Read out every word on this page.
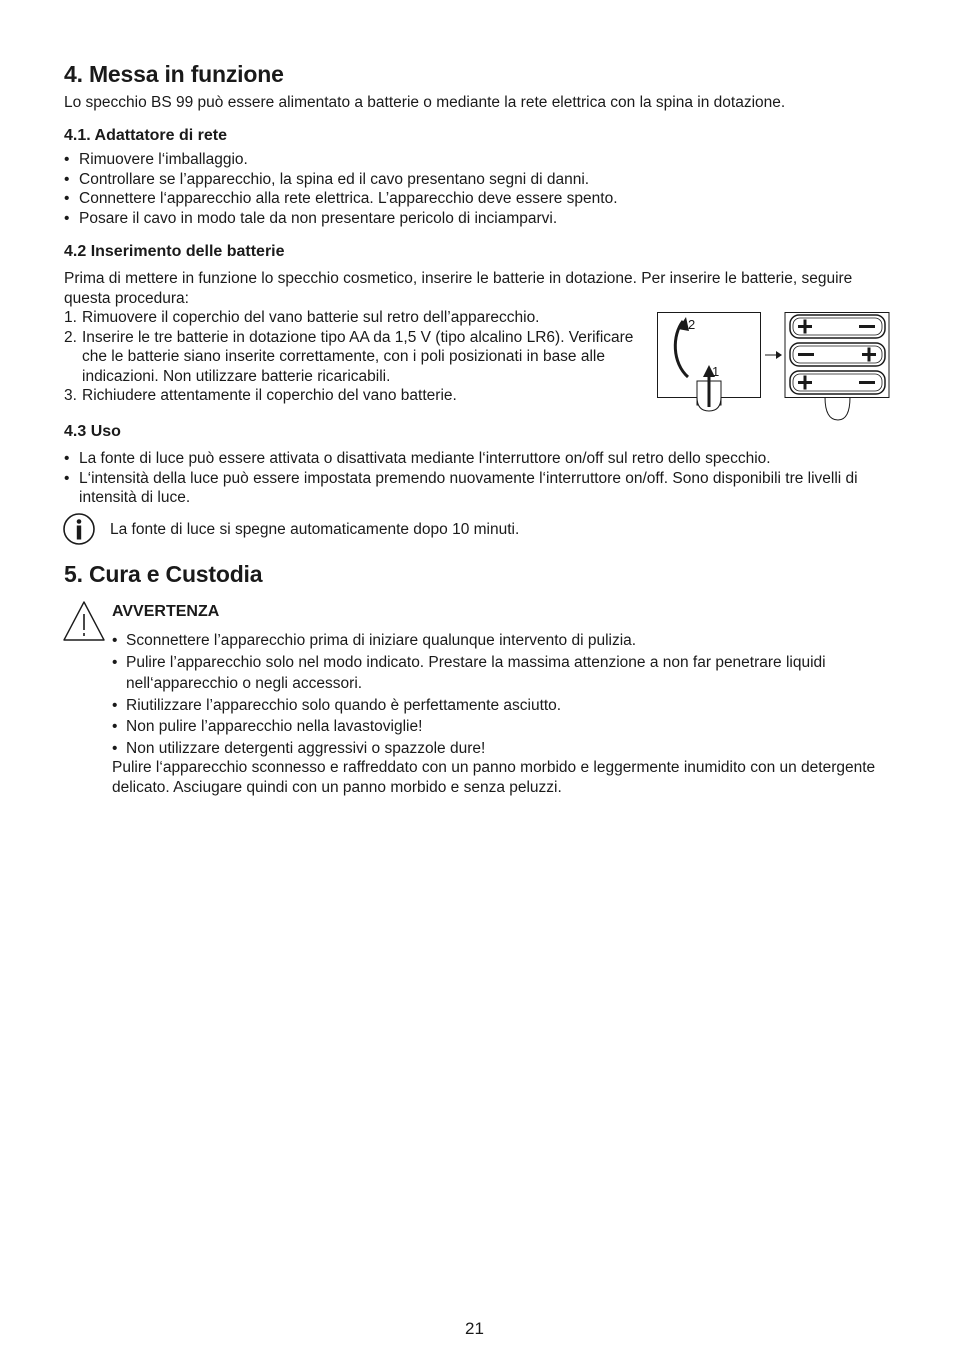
4. Messa in funzione

Lo specchio BS 99 può essere alimentato a batterie o mediante la rete elettrica con la spina in dotazione.

4.1. Adattatore di rete
• Rimuovere l‘imballaggio.
• Controllare se l’apparecchio, la spina ed il cavo presentano segni di danni.
• Connettere l‘apparecchio alla rete elettrica. L’apparecchio deve essere spento.
• Posare il cavo in modo tale da non presentare pericolo di inciamparvi.
4.2 Inserimento delle batterie

Prima di mettere in funzione lo specchio cosmetico, inserire le batterie in dotazione. Per inserire le batterie, seguire questa procedura:

1. Rimuovere il coperchio del vano batterie sul retro dell’apparecchio.
2. Inserire le tre batterie in dotazione tipo AA da 1,5 V (tipo alcalino LR6). Verificare che le batterie siano inserite correttamente, con i poli posizionati in base alle indicazioni. Non utilizzare batterie ricaricabili.
3. Richiudere attentamente il coperchio del vano batterie.
2
1
4.3 Uso
• La fonte di luce può essere attivata o disattivata mediante l‘interruttore on/off sul retro dello specchio.
• L‘intensità della luce può essere impostata premendo nuovamente l‘interruttore on/off. Sono disponibili tre livelli di intensità di luce.

La fonte di luce si spegne automaticamente dopo 10 minuti.

5. Cura e Custodia
AVVERTENZA
• Sconnettere l’apparecchio prima di iniziare qualunque intervento di pulizia.
• Pulire l’apparecchio solo nel modo indicato. Prestare la massima attenzione a non far penetrare liquidi nell‘apparecchio o negli accessori.
• Riutilizzare l’apparecchio solo quando è perfettamente asciutto.
• Non pulire l’apparecchio nella lavastoviglie!
• Non utilizzare detergenti aggressivi o spazzole dure!

Pulire l‘apparecchio sconnesso e raffreddato con un panno morbido e leggermente inumidito con un detergente delicato. Asciugare quindi con un panno morbido e senza peluzzi.

21
